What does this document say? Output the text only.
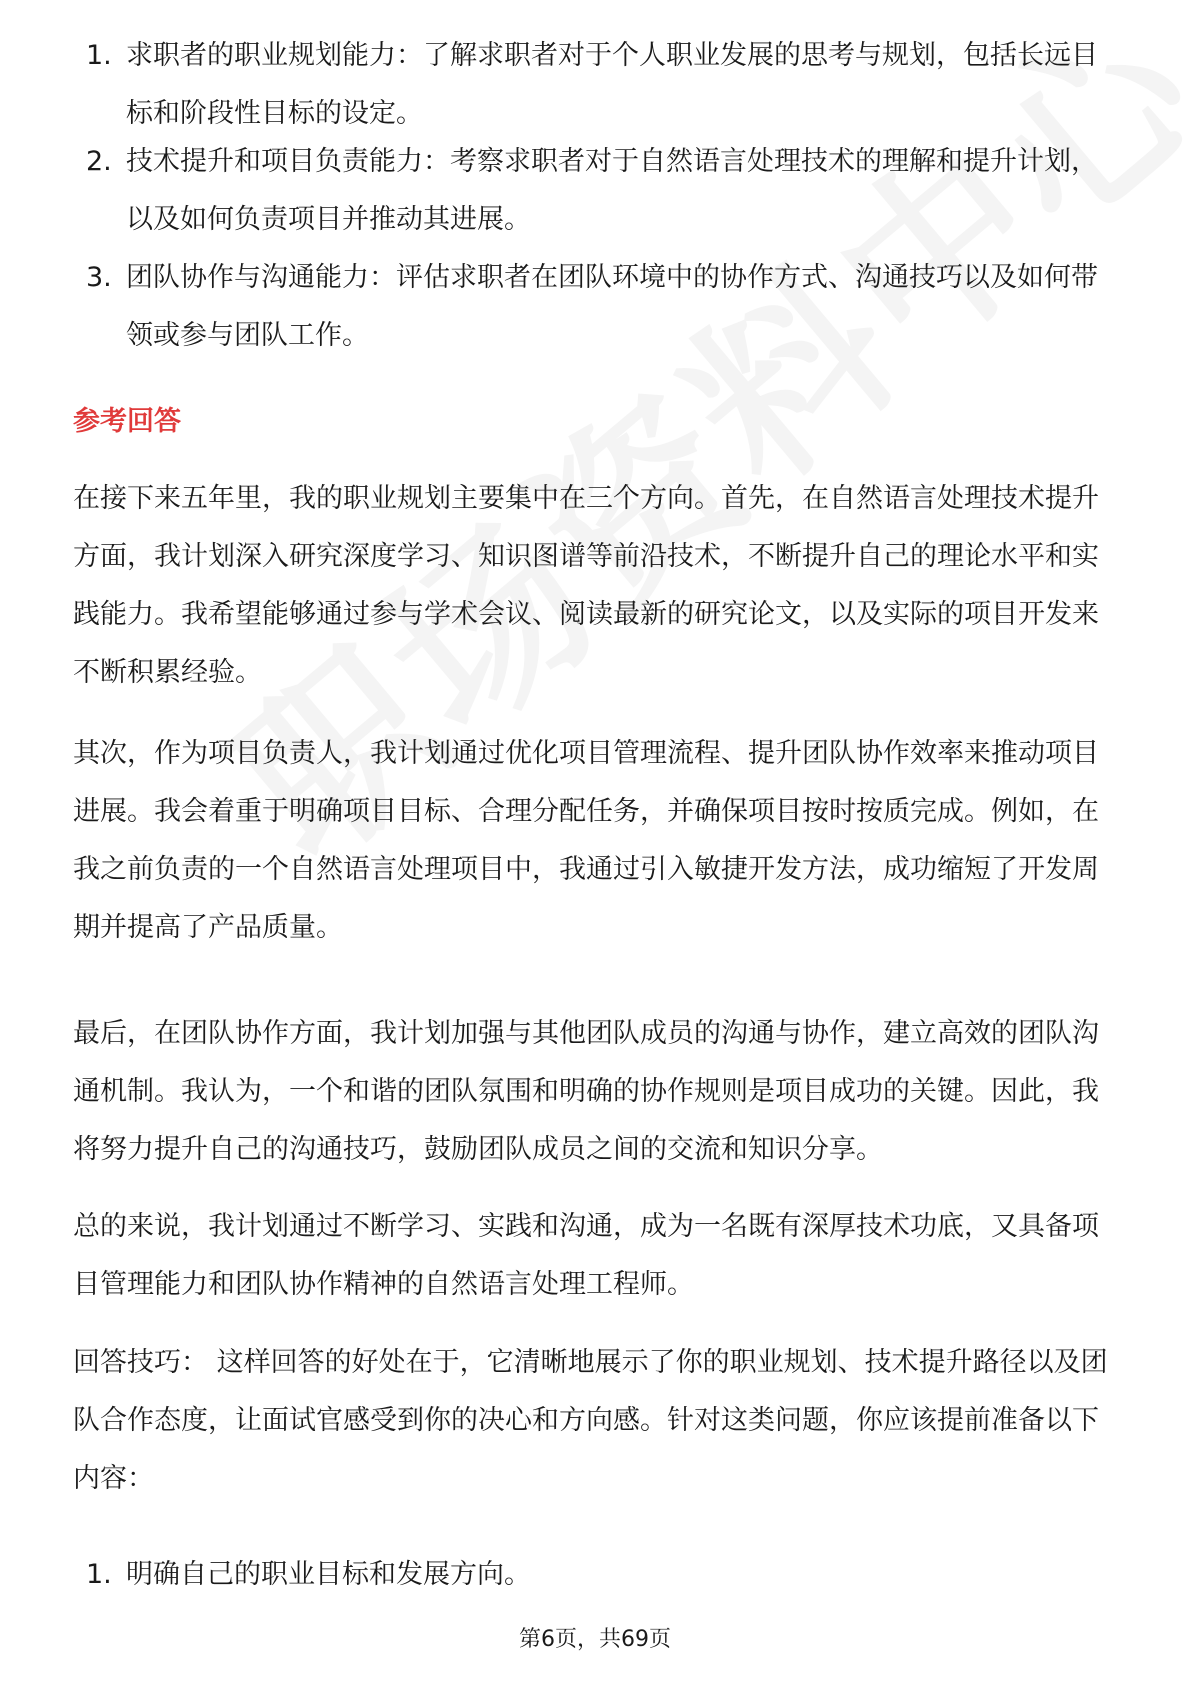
1. 求职者的职业规划能力：了解求职者对于个人职业发展的思考与规划，包括长远目标和阶段性目标的设定。
2. 技术提升和项目负责能力：考察求职者对于自然语言处理技术的理解和提升计划，以及如何负责项目并推动其进展。
3. 团队协作与沟通能力：评估求职者在团队环境中的协作方式、沟通技巧以及如何带领或参与团队工作。

参考回答

在接下来五年里，我的职业规划主要集中在三个方向。首先，在自然语言处理技术提升方面，我计划深入研究深度学习、知识图谱等前沿技术，不断提升自己的理论水平和实践能力。我希望能够通过参与学术会议、阅读最新的研究论文，以及实际的项目开发来不断积累经验。

其次，作为项目负责人，我计划通过优化项目管理流程、提升团队协作效率来推动项目进展。我会着重于明确项目目标、合理分配任务，并确保项目按时按质完成。例如，在我之前负责的一个自然语言处理项目中，我通过引入敏捷开发方法，成功缩短了开发周期并提高了产品质量。

最后，在团队协作方面，我计划加强与其他团队成员的沟通与协作，建立高效的团队沟通机制。我认为，一个和谐的团队氛围和明确的协作规则是项目成功的关键。因此，我将努力提升自己的沟通技巧，鼓励团队成员之间的交流和知识分享。

总的来说，我计划通过不断学习、实践和沟通，成为一名既有深厚技术功底，又具备项目管理能力和团队协作精神的自然语言处理工程师。

回答技巧： 这样回答的好处在于，它清晰地展示了你的职业规划、技术提升路径以及团队合作态度，让面试官感受到你的决心和方向感。针对这类问题，你应该提前准备以下内容：

1. 明确自己的职业目标和发展方向。
第6页，共69页
